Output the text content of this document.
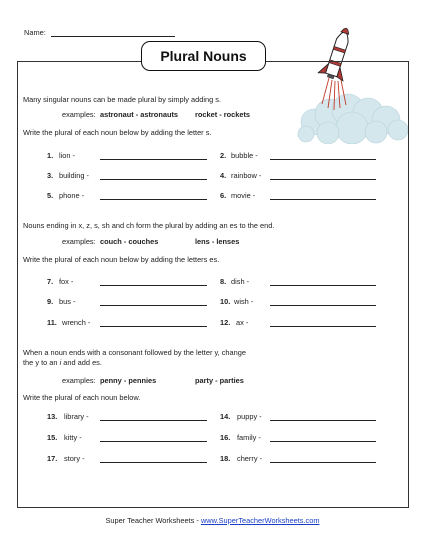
Name:
Plural Nouns
Many singular nouns can be made plural by simply adding s.
examples: astronaut - astronauts rocket - rockets
Write the plural of each noun below by adding the letter s.
1. lion -	2. bubble -
3. building -	4. rainbow -
5. phone -	6. movie -
Nouns ending in x, z, s, sh and ch form the plural by adding an es to the end.
examples: couch - couches	lens - lenses
Write the plural of each noun below by adding the letters es.
7. fox -	8. dish -
9. bus -	10. wish -
11. wrench -	12. ax -
When a noun ends with a consonant followed by the letter y, change
the y to an i and add es.
examples: penny - pennies	party - parties
Write the plural of each noun below.
13. library -	14. puppy -
15. kitty -	16. family -
17. story -	18. cherry -
Super Teacher Worksheets - www.SuperTeacherWorksheets.com
